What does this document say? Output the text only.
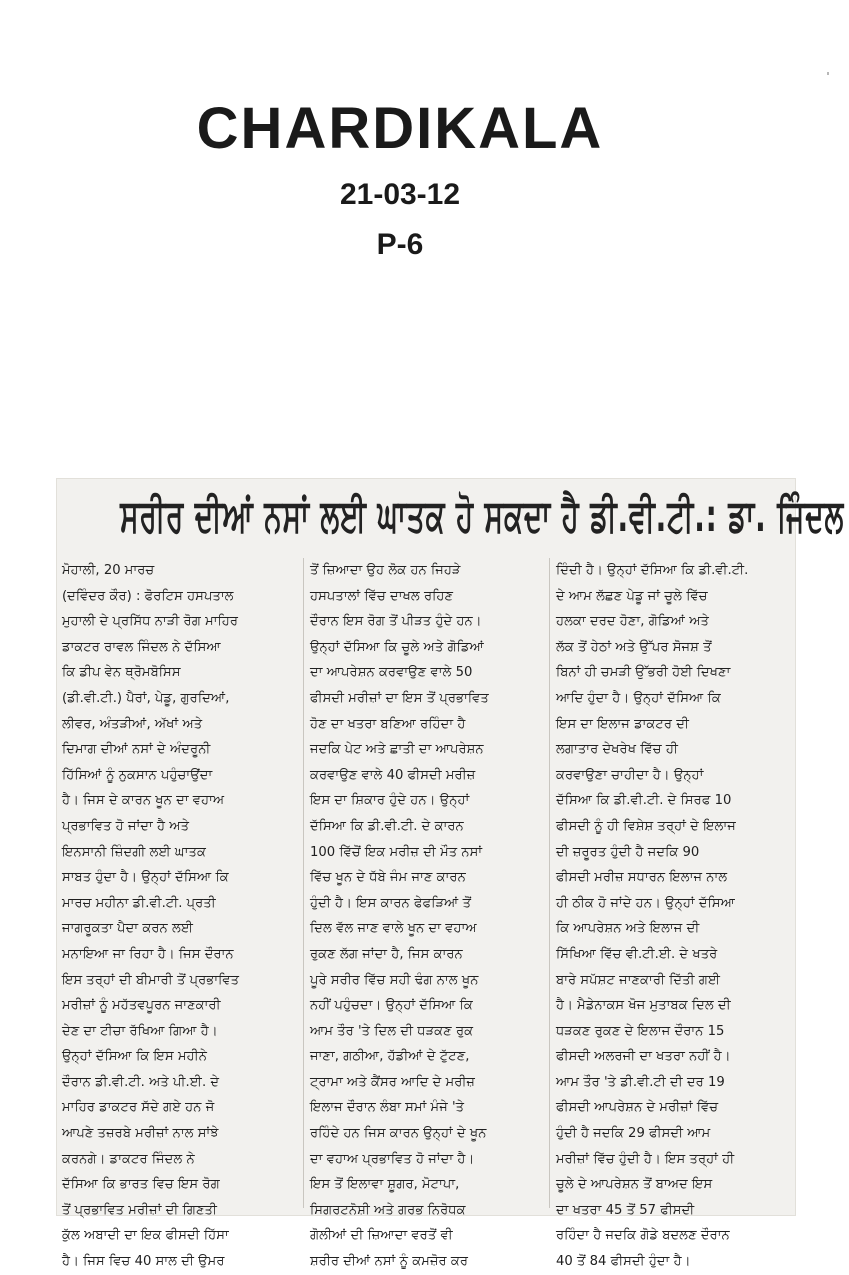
CHARDIKALA
21-03-12
P-6
ਸਰੀਰ ਦੀਆਂ ਨਸਾਂ ਲਈ ਘਾਤਕ ਹੋ ਸਕਦਾ ਹੈ ਡੀ.ਵੀ.ਟੀ.: ਡਾ. ਜਿੰਦਲ
ਮੋਹਾਲੀ, 20 ਮਾਰਚ
(ਦਵਿੰਦਰ ਕੌਰ) : ਫੋਰਟਿਸ ਹਸਪਤਾਲ
ਮੁਹਾਲੀ ਦੇ ਪ੍ਰਸਿੱਧ ਨਾੜੀ ਰੋਗ ਮਾਹਿਰ
ਡਾਕਟਰ ਰਾਵਲ ਜਿੰਦਲ ਨੇ ਦੱਸਿਆ
ਕਿ ਡੀਪ ਵੇਨ ਥ੍ਰੋਮਬੋਸਿਸ
(ਡੀ.ਵੀ.ਟੀ.) ਪੈਰਾਂ, ਪੇਡੂ, ਗੁਰਦਿਆਂ,
ਲੀਵਰ, ਅੰਤੜੀਆਂ, ਅੱਖਾਂ ਅਤੇ
ਦਿਮਾਗ ਦੀਆਂ ਨਸਾਂ ਦੇ ਅੰਦਰੂਨੀ
ਹਿੱਸਿਆਂ ਨੂੰ ਨੁਕਸਾਨ ਪਹੁੰਚਾਉਂਦਾ
ਹੈ। ਜਿਸ ਦੇ ਕਾਰਨ ਖੂਨ ਦਾ ਵਹਾਅ
ਪ੍ਰਭਾਵਿਤ ਹੋ ਜਾਂਦਾ ਹੈ ਅਤੇ
ਇਨਸਾਨੀ ਜ਼ਿੰਦਗੀ ਲਈ ਘਾਤਕ
ਸਾਬਤ ਹੁੰਦਾ ਹੈ। ਉਨ੍ਹਾਂ ਦੱਸਿਆ ਕਿ
ਮਾਰਚ ਮਹੀਨਾ ਡੀ.ਵੀ.ਟੀ. ਪ੍ਰਤੀ
ਜਾਗਰੂਕਤਾ ਪੈਦਾ ਕਰਨ ਲਈ
ਮਨਾਇਆ ਜਾ ਰਿਹਾ ਹੈ। ਜਿਸ ਦੌਰਾਨ
ਇਸ ਤਰ੍ਹਾਂ ਦੀ ਬੀਮਾਰੀ ਤੋਂ ਪ੍ਰਭਾਵਿਤ
ਮਰੀਜ਼ਾਂ ਨੂੰ ਮਹੱਤਵਪੂਰਨ ਜਾਣਕਾਰੀ
ਦੇਣ ਦਾ ਟੀਚਾ ਰੱਖਿਆ ਗਿਆ ਹੈ।
ਉਨ੍ਹਾਂ ਦੱਸਿਆ ਕਿ ਇਸ ਮਹੀਨੇ
ਦੌਰਾਨ ਡੀ.ਵੀ.ਟੀ. ਅਤੇ ਪੀ.ਈ. ਦੇ
ਮਾਹਿਰ ਡਾਕਟਰ ਸੱਦੇ ਗਏ ਹਨ ਜੋ
ਆਪਣੇ ਤਜ਼ਰਬੇ ਮਰੀਜ਼ਾਂ ਨਾਲ ਸਾਂਝੇ
ਕਰਨਗੇ। ਡਾਕਟਰ ਜਿੰਦਲ ਨੇ
ਦੱਸਿਆ ਕਿ ਭਾਰਤ ਵਿਚ ਇਸ ਰੋਗ
ਤੋਂ ਪ੍ਰਭਾਵਿਤ ਮਰੀਜ਼ਾਂ ਦੀ ਗਿਣਤੀ
ਕੁੱਲ ਅਬਾਦੀ ਦਾ ਇਕ ਫੀਸਦੀ ਹਿੱਸਾ
ਹੈ। ਜਿਸ ਵਿਚ 40 ਸਾਲ ਦੀ ਉਮਰ
ਤੋਂ ਜ਼ਿਆਦਾ ਉਹ ਲੋਕ ਹਨ ਜਿਹੜੇ
ਹਸਪਤਾਲਾਂ ਵਿੱਚ ਦਾਖਲ ਰਹਿਣ
ਦੌਰਾਨ ਇਸ ਰੋਗ ਤੋਂ ਪੀੜਤ ਹੁੰਦੇ ਹਨ।
ਉਨ੍ਹਾਂ ਦੱਸਿਆ ਕਿ ਚੂਲੇ ਅਤੇ ਗੋਡਿਆਂ
ਦਾ ਆਪਰੇਸ਼ਨ ਕਰਵਾਉਣ ਵਾਲੇ 50
ਫੀਸਦੀ ਮਰੀਜ਼ਾਂ ਦਾ ਇਸ ਤੋਂ ਪ੍ਰਭਾਵਿਤ
ਹੋਣ ਦਾ ਖਤਰਾ ਬਣਿਆ ਰਹਿੰਦਾ ਹੈ
ਜਦਕਿ ਪੇਟ ਅਤੇ ਛਾਤੀ ਦਾ ਆਪਰੇਸ਼ਨ
ਕਰਵਾਉਣ ਵਾਲੇ 40 ਫੀਸਦੀ ਮਰੀਜ਼
ਇਸ ਦਾ ਸ਼ਿਕਾਰ ਹੁੰਦੇ ਹਨ। ਉਨ੍ਹਾਂ
ਦੱਸਿਆ ਕਿ ਡੀ.ਵੀ.ਟੀ. ਦੇ ਕਾਰਨ
100 ਵਿੱਚੋਂ ਇਕ ਮਰੀਜ਼ ਦੀ ਮੌਤ ਨਸਾਂ
ਵਿੱਚ ਖੂਨ ਦੇ ਧੱਬੇ ਜੰਮ ਜਾਣ ਕਾਰਨ
ਹੁੰਦੀ ਹੈ। ਇਸ ਕਾਰਨ ਫੇਫੜਿਆਂ ਤੋਂ
ਦਿਲ ਵੱਲ ਜਾਣ ਵਾਲੇ ਖੂਨ ਦਾ ਵਹਾਅ
ਰੁਕਣ ਲੱਗ ਜਾਂਦਾ ਹੈ, ਜਿਸ ਕਾਰਨ
ਪੂਰੇ ਸਰੀਰ ਵਿੱਚ ਸਹੀ ਢੰਗ ਨਾਲ ਖੂਨ
ਨਹੀਂ ਪਹੁੰਚਦਾ। ਉਨ੍ਹਾਂ ਦੱਸਿਆ ਕਿ
ਆਮ ਤੌਰ 'ਤੇ ਦਿਲ ਦੀ ਧੜਕਣ ਰੁਕ
ਜਾਣਾ, ਗਠੀਆ, ਹੱਡੀਆਂ ਦੇ ਟੁੱਟਣ,
ਟ੍ਰਾਮਾ ਅਤੇ ਕੈਂਸਰ ਆਦਿ ਦੇ ਮਰੀਜ਼
ਇਲਾਜ ਦੌਰਾਨ ਲੰਬਾ ਸਮਾਂ ਮੰਜੇ 'ਤੇ
ਰਹਿੰਦੇ ਹਨ ਜਿਸ ਕਾਰਨ ਉਨ੍ਹਾਂ ਦੇ ਖੂਨ
ਦਾ ਵਹਾਅ ਪ੍ਰਭਾਵਿਤ ਹੋ ਜਾਂਦਾ ਹੈ।
ਇਸ ਤੋਂ ਇਲਾਵਾ ਸ਼ੂਗਰ, ਮੋਟਾਪਾ,
ਸਿਗਰਟਨੋਸ਼ੀ ਅਤੇ ਗਰਭ ਨਿਰੋਧਕ
ਗੋਲੀਆਂ ਦੀ ਜ਼ਿਆਦਾ ਵਰਤੋਂ ਵੀ
ਸ਼ਰੀਰ ਦੀਆਂ ਨਸਾਂ ਨੂੰ ਕਮਜ਼ੋਰ ਕਰ
ਦਿੰਦੀ ਹੈ। ਉਨ੍ਹਾਂ ਦੱਸਿਆ ਕਿ ਡੀ.ਵੀ.ਟੀ.
ਦੇ ਆਮ ਲੱਛਣ ਪੇਡੂ ਜਾਂ ਚੂਲੇ ਵਿੱਚ
ਹਲਕਾ ਦਰਦ ਹੋਣਾ, ਗੋਡਿਆਂ ਅਤੇ
ਲੱਕ ਤੋਂ ਹੇਠਾਂ ਅਤੇ ਉੱਪਰ ਸੋਜਸ਼ ਤੋਂ
ਬਿਨਾਂ ਹੀ ਚਮੜੀ ਉੱਭਰੀ ਹੋਈ ਦਿਖਣਾ
ਆਦਿ ਹੁੰਦਾ ਹੈ। ਉਨ੍ਹਾਂ ਦੱਸਿਆ ਕਿ
ਇਸ ਦਾ ਇਲਾਜ ਡਾਕਟਰ ਦੀ
ਲਗਾਤਾਰ ਦੇਖਰੇਖ ਵਿੱਚ ਹੀ
ਕਰਵਾਉਣਾ ਚਾਹੀਦਾ ਹੈ। ਉਨ੍ਹਾਂ
ਦੱਸਿਆ ਕਿ ਡੀ.ਵੀ.ਟੀ. ਦੇ ਸਿਰਫ 10
ਫੀਸਦੀ ਨੂੰ ਹੀ ਵਿਸ਼ੇਸ਼ ਤਰ੍ਹਾਂ ਦੇ ਇਲਾਜ
ਦੀ ਜ਼ਰੂਰਤ ਹੁੰਦੀ ਹੈ ਜਦਕਿ 90
ਫੀਸਦੀ ਮਰੀਜ਼ ਸਧਾਰਨ ਇਲਾਜ ਨਾਲ
ਹੀ ਠੀਕ ਹੋ ਜਾਂਦੇ ਹਨ। ਉਨ੍ਹਾਂ ਦੱਸਿਆ
ਕਿ ਆਪਰੇਸ਼ਨ ਅਤੇ ਇਲਾਜ ਦੀ
ਸਿੱਖਿਆ ਵਿੱਚ ਵੀ.ਟੀ.ਈ. ਦੇ ਖਤਰੇ
ਬਾਰੇ ਸਪੱਸ਼ਟ ਜਾਣਕਾਰੀ ਦਿੱਤੀ ਗਈ
ਹੈ। ਮੈਡੇਨਾਕਸ ਖੋਜ ਮੁਤਾਬਕ ਦਿਲ ਦੀ
ਧੜਕਣ ਰੁਕਣ ਦੇ ਇਲਾਜ ਦੌਰਾਨ 15
ਫੀਸਦੀ ਅਲਰਜੀ ਦਾ ਖਤਰਾ ਨਹੀਂ ਹੈ।
ਆਮ ਤੌਰ 'ਤੇ ਡੀ.ਵੀ.ਟੀ ਦੀ ਦਰ 19
ਫੀਸਦੀ ਆਪਰੇਸ਼ਨ ਦੇ ਮਰੀਜ਼ਾਂ ਵਿੱਚ
ਹੁੰਦੀ ਹੈ ਜਦਕਿ 29 ਫੀਸਦੀ ਆਮ
ਮਰੀਜ਼ਾਂ ਵਿੱਚ ਹੁੰਦੀ ਹੈ। ਇਸ ਤਰ੍ਹਾਂ ਹੀ
ਚੂਲੇ ਦੇ ਆਪਰੇਸ਼ਨ ਤੋਂ ਬਾਅਦ ਇਸ
ਦਾ ਖਤਰਾ 45 ਤੋਂ 57 ਫੀਸਦੀ
ਰਹਿੰਦਾ ਹੈ ਜਦਕਿ ਗੋਡੇ ਬਦਲਣ ਦੌਰਾਨ
40 ਤੋਂ 84 ਫੀਸਦੀ ਹੁੰਦਾ ਹੈ।
